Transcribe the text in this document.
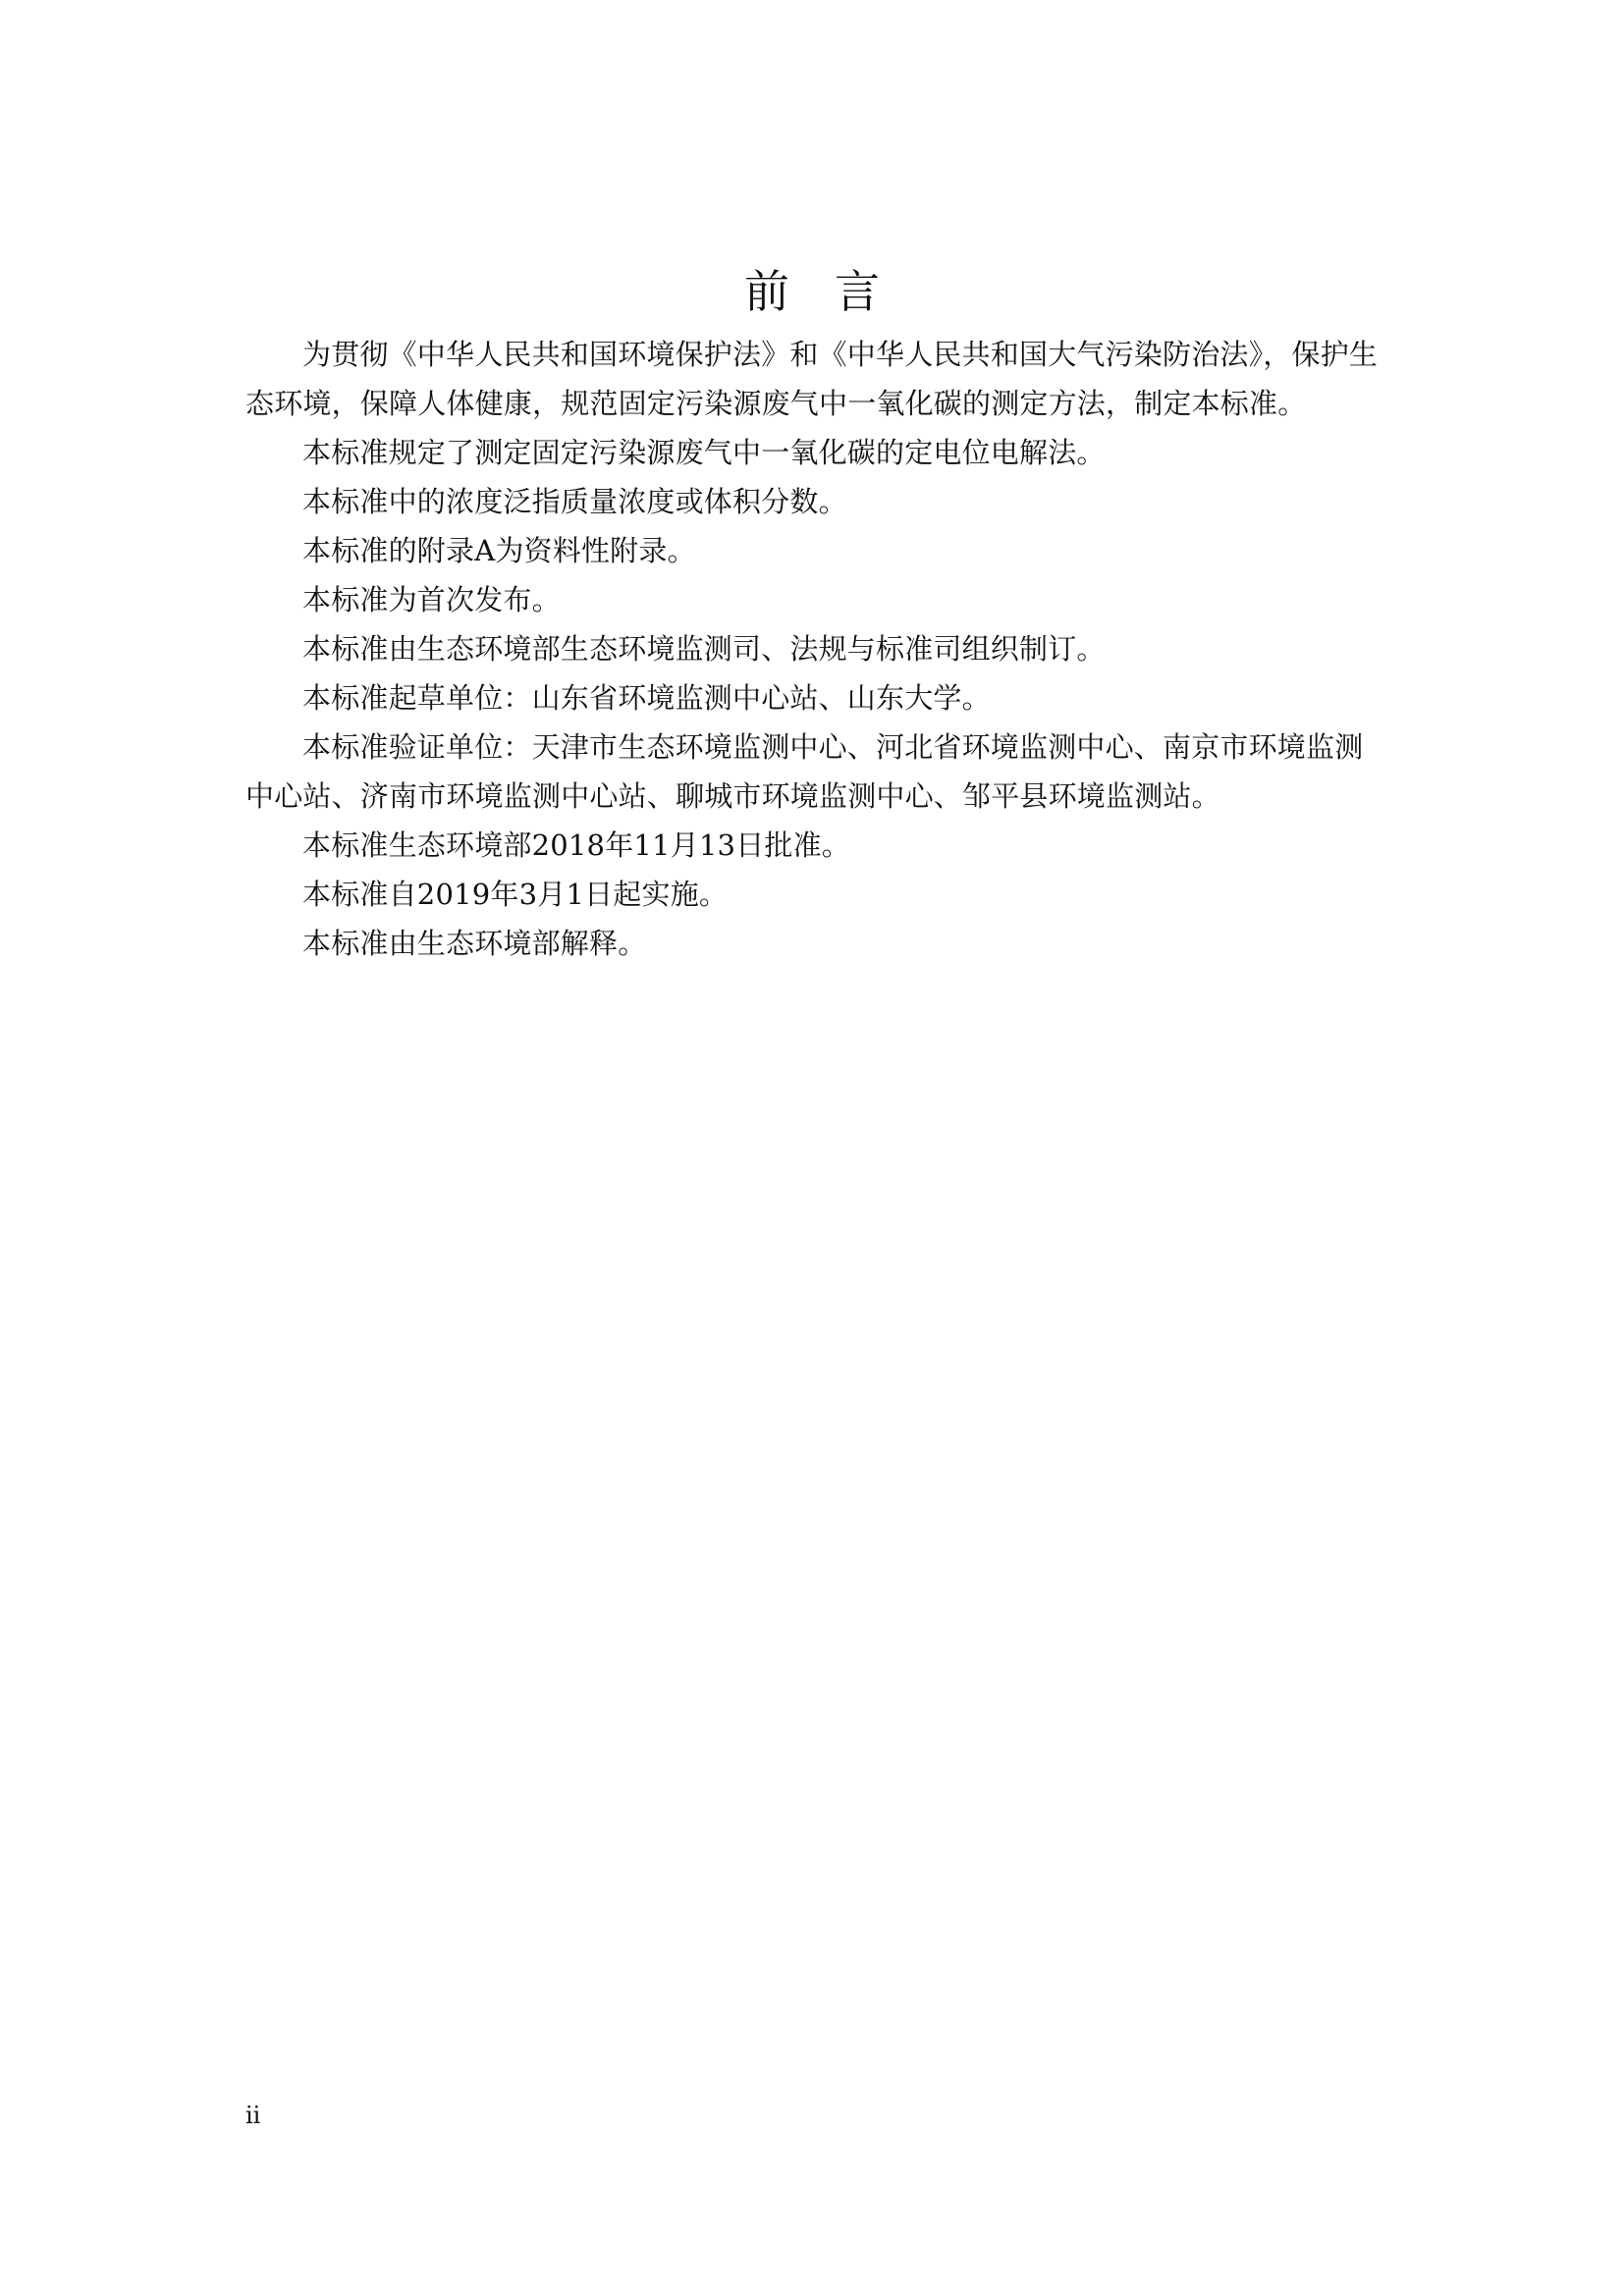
前　言

为贯彻《中华人民共和国环境保护法》和《中华人民共和国大气污染防治法》，保护生态环境，保障人体健康，规范固定污染源废气中一氧化碳的测定方法，制定本标准。

本标准规定了测定固定污染源废气中一氧化碳的定电位电解法。

本标准中的浓度泛指质量浓度或体积分数。

本标准的附录A为资料性附录。

本标准为首次发布。

本标准由生态环境部生态环境监测司、法规与标准司组织制订。

本标准起草单位：山东省环境监测中心站、山东大学。

本标准验证单位：天津市生态环境监测中心、河北省环境监测中心、南京市环境监测中心站、济南市环境监测中心站、聊城市环境监测中心、邹平县环境监测站。

本标准生态环境部2018年11月13日批准。

本标准自2019年3月1日起实施。

本标准由生态环境部解释。

ii
